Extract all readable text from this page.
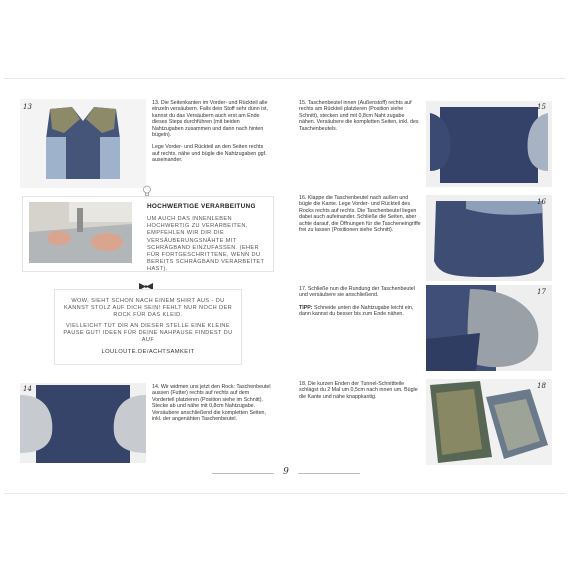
13	13. Die Seitenkanten im Vorder- und Rückteil alle einzeln versäubern. Falls dein Stoff sehr dünn ist, kannst du das Versäubern auch erst am Ende dieses Steps durchführen (mit beiden Nahtzugaben zusammen und dann nach hinten bügeln).

Lege Vorder- und Rückteil an den Seiten rechts auf rechts, nähe und bügle die Nahtzugaben ggf. auseinander.

HOCHWERTIGE VERARBEITUNG
UM AUCH DAS INNENLEBEN HOCHWERTIG ZU VERARBEITEN, EMPFEHLEN WIR DIR DIE VERSÄUBERUNGSNÄHTE MIT SCHRÄGBAND EINZUFASSEN. (EHER FÜR FORTGESCHRITTENE, WENN DU BEREITS SCHRÄGBAND VERARBEITET HAST).
WOW, SIEHT SCHON NACH EINEM SHIRT AUS - DU KANNST STOLZ AUF DICH SEIN! FEHLT NUR NOCH DER ROCK FÜR DAS KLEID.
VIELLEICHT TUT DIR AN DIESER STELLE EINE KLEINE PAUSE GUT! IDEEN FÜR DEINE NAHPAUSE FINDEST DU AUF
LOULOUTE.DE/ACHTSAMKEIT
14	14. Wir widmen uns jetzt den Rock: Taschenbeutel aussen (Futter) rechts auf rechts auf dem Vorderteil platzieren (Position siehe im Schnitt). Stecke ab und nähe mit 0,8cm Nahtzugabe. Versäubere anschließend die kompletten Seiten, inkl. der angenähten Taschenbeutel.
15. Taschenbeutel innen (Außenstoff) rechts auf rechts am Rückteil platzieren (Position siehe Schnitt), stecken und mit 0,8cm Naht zugabe nähen. Versäubere die kompletten Seiten, inkl. des Taschenbeutels.
15
16. Klappe die Taschenbeutel nach außen und bügle die Kante. Lege Vorder- und Rückteil des Rocks rechts auf rechts. Die Taschenbeutel liegen dabei auch aufeinander. Schließe die Seiten, aber achte darauf, die Öffnungen für die Tascheneingriffe frei zu lassen (Positionen siehe Schnitt).
16

17. Schließe nun die Rundung der Taschenbeutel und versäubere sie anschließend.

TIPP: Schneide unten die Nahtzugabe leicht ein, dann kannst du besser bis zum Ende nähen.

17
18. Die kurzen Enden der Tunnel-Schnittteile schlägst du 2 Mal um 0,5cm nach innen um. Bügle die Kante und nähe knappkantig.
18
9
